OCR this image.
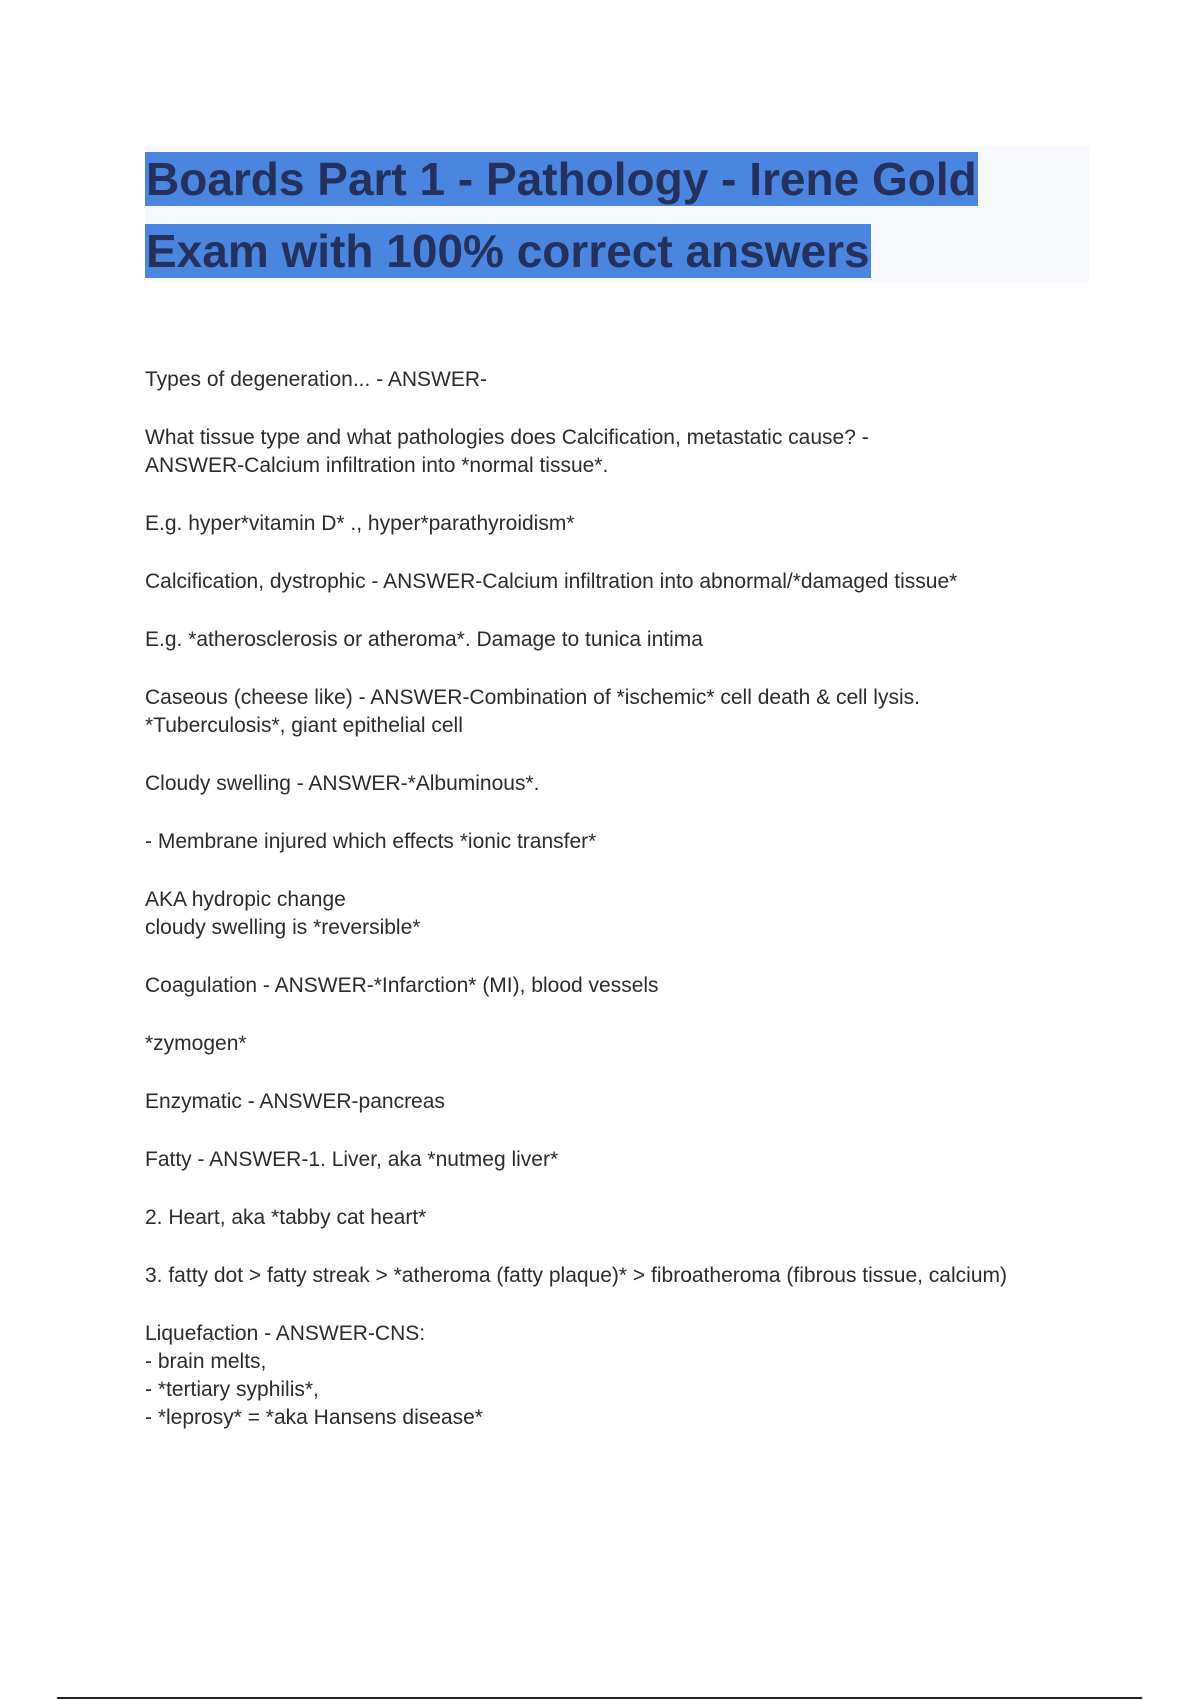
Boards Part 1 - Pathology - Irene Gold
Exam with 100% correct answers
Types of degeneration... - ANSWER-
What tissue type and what pathologies does Calcification, metastatic cause? -
ANSWER-Calcium infiltration into *normal tissue*.
E.g. hyper*vitamin D* ., hyper*parathyroidism*
Calcification, dystrophic - ANSWER-Calcium infiltration into abnormal/*damaged tissue*
E.g. *atherosclerosis or atheroma*. Damage to tunica intima
Caseous (cheese like) - ANSWER-Combination of *ischemic* cell death & cell lysis.
*Tuberculosis*, giant epithelial cell
Cloudy swelling - ANSWER-*Albuminous*.
- Membrane injured which effects *ionic transfer*
AKA hydropic change
cloudy swelling is *reversible*
Coagulation - ANSWER-*Infarction* (MI), blood vessels
*zymogen*
Enzymatic - ANSWER-pancreas
Fatty - ANSWER-1. Liver, aka *nutmeg liver*
2. Heart, aka *tabby cat heart*
3. fatty dot > fatty streak > *atheroma (fatty plaque)* > fibroatheroma (fibrous tissue, calcium)
Liquefaction - ANSWER-CNS:
- brain melts,
- *tertiary syphilis*,
- *leprosy* = *aka Hansens disease*
